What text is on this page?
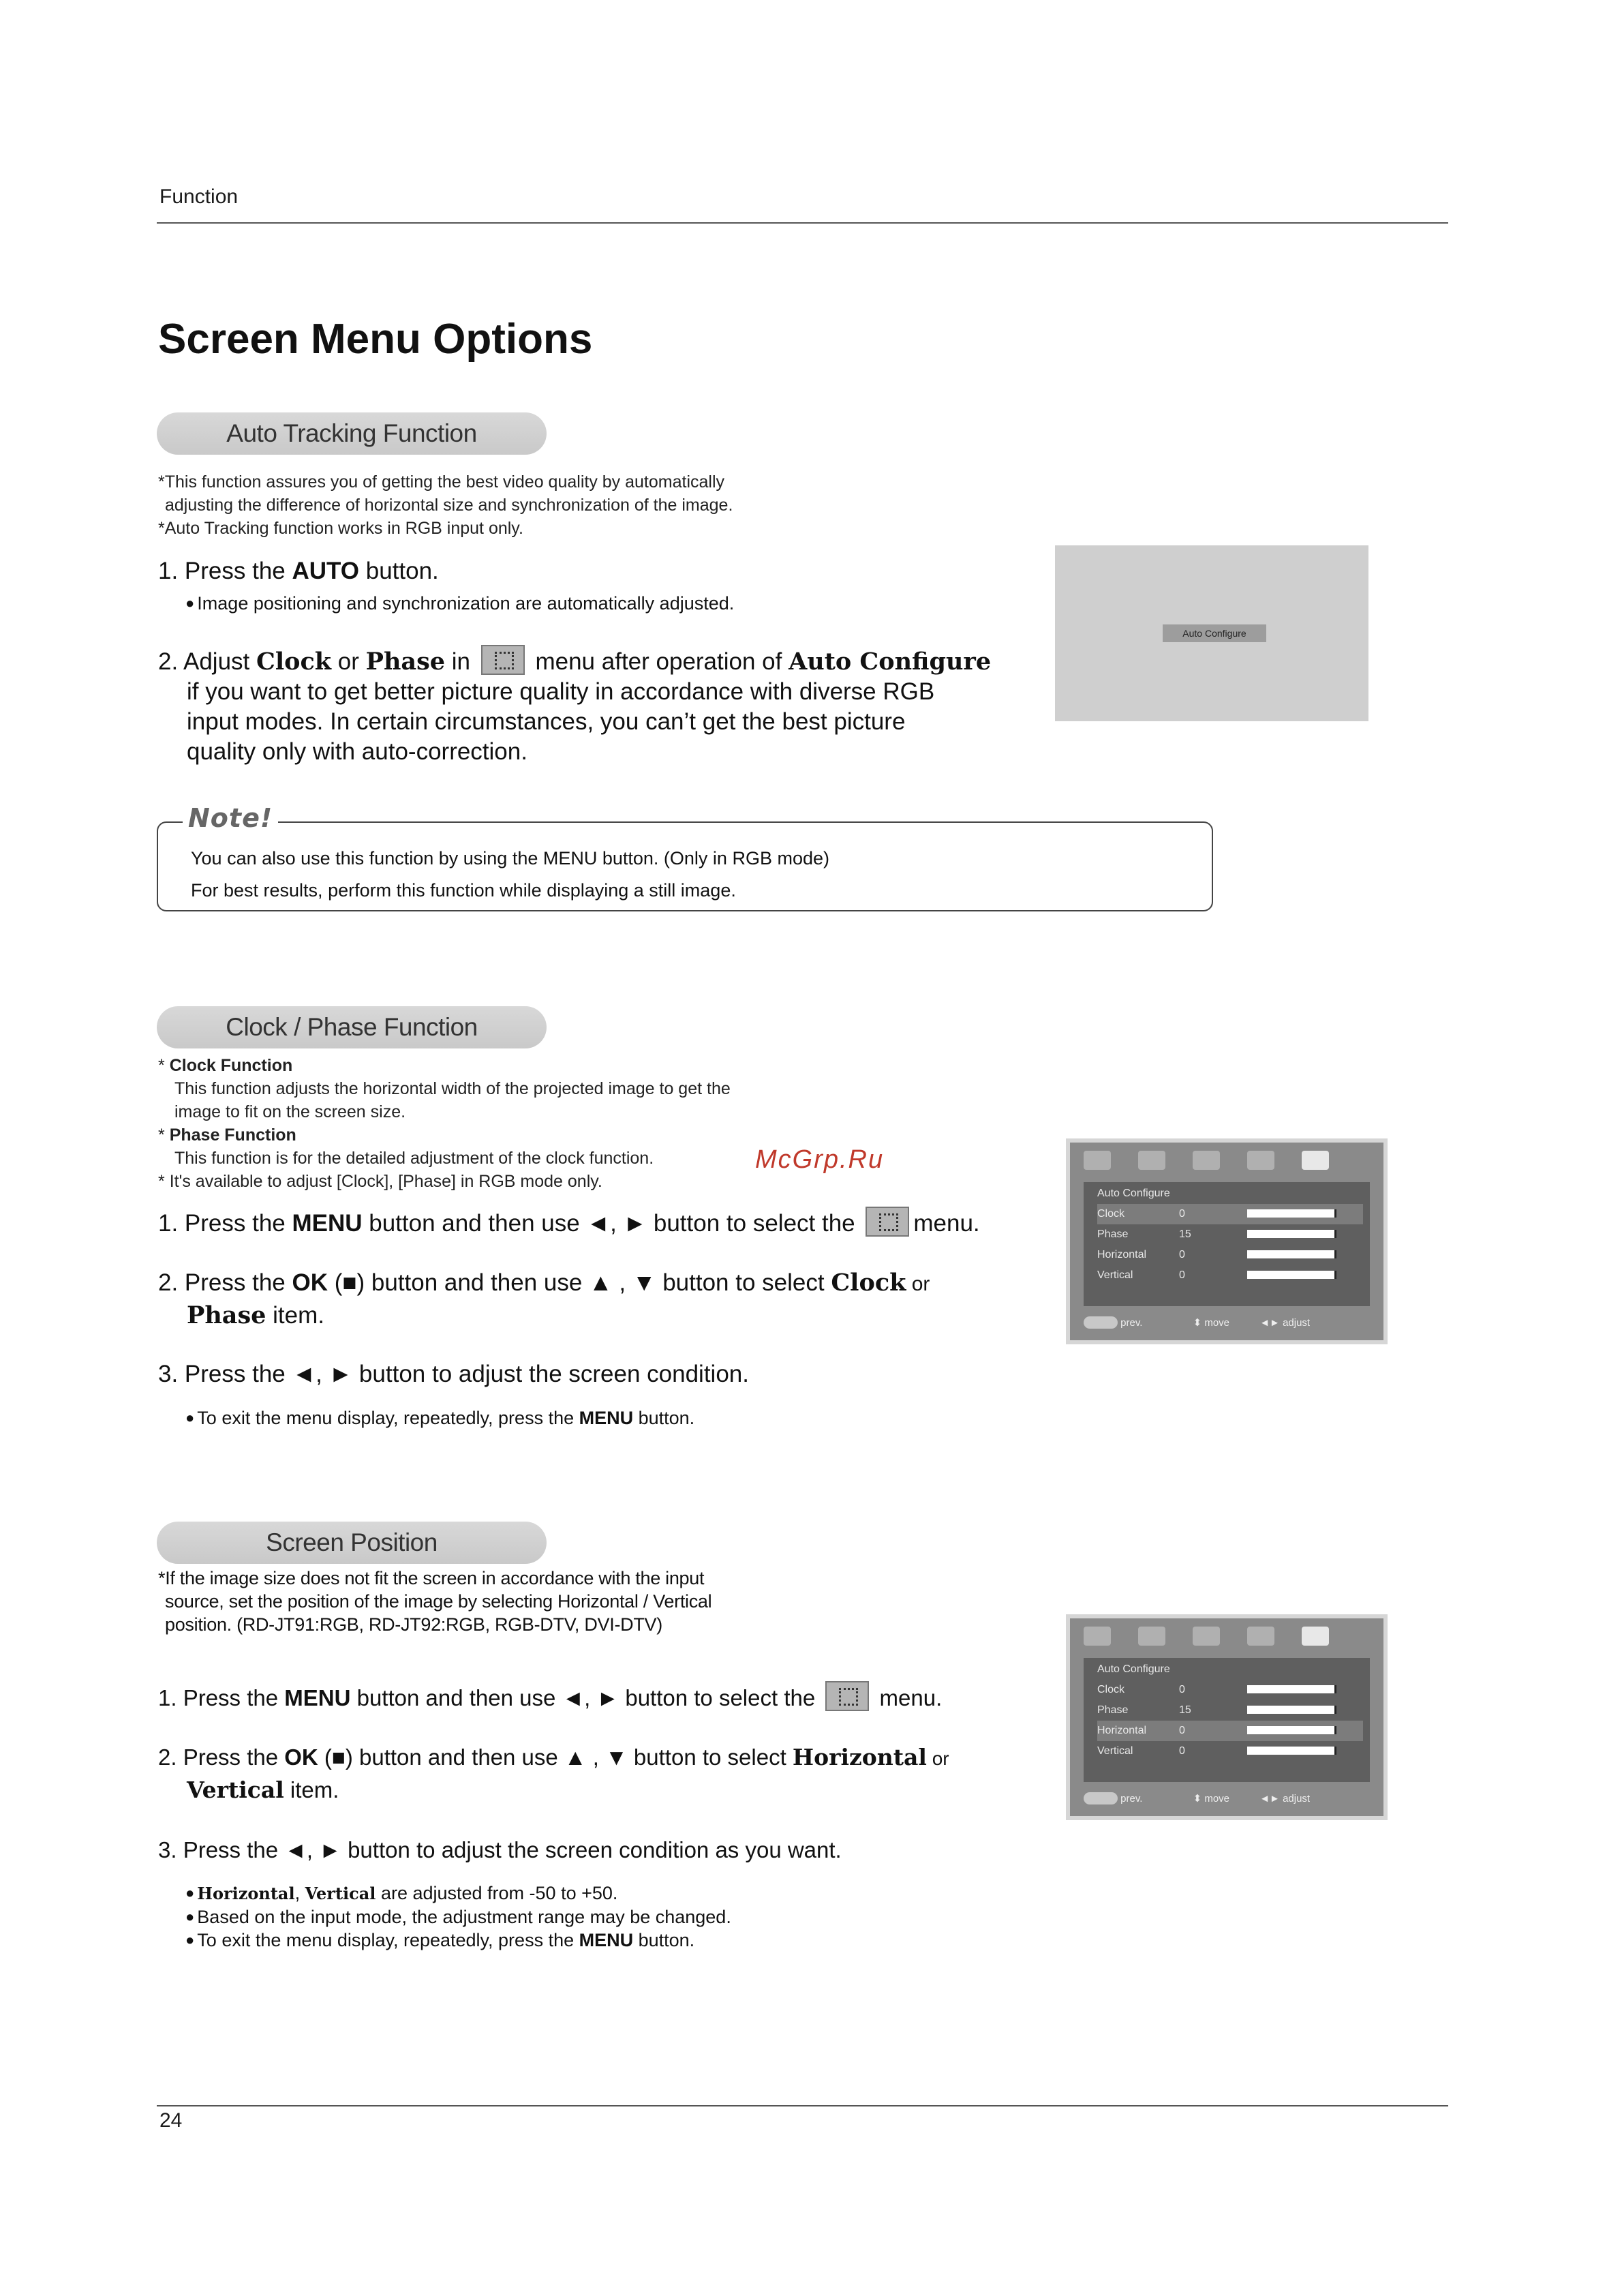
Function
Screen Menu Options
Auto Tracking Function
*This function assures you of getting the best video quality by automatically
adjusting the difference of horizontal size and synchronization of the image.
*Auto Tracking function works in RGB input only.
1. Press the AUTO button.
● Image positioning and synchronization are automatically adjusted.
2. Adjust Clock or Phase in  menu after operation of Auto Configure
if you want to get better picture quality in accordance with diverse RGB
input modes. In certain circumstances, you can’t get the best picture
quality only with auto-correction.
Auto Configure
Note!
You can also use this function by using the MENU button. (Only in RGB mode)
For best results, perform this function while displaying a still image.
Clock / Phase Function
* Clock Function
This function adjusts the horizontal width of the projected image to get the
image to fit on the screen size.
* Phase Function
This function is for the detailed adjustment of the clock function.
* It's available to adjust [Clock], [Phase] in RGB mode only.
McGrp.Ru
1. Press the MENU button and then use ◄, ► button to select the menu.
2. Press the OK (■) button and then use ▲ , ▼ button to select Clock or
Phase item.
3. Press the ◄, ► button to adjust the screen condition.
● To exit the menu display, repeatedly, press the MENU button.
Auto Configure
Clock	0
Phase	15
Horizontal	0
Vertical	0
prev.	⬍ move	◄► adjust
Screen Position
*If the image size does not fit the screen in accordance with the input
source, set the position of the image by selecting Horizontal / Vertical
position. (RD-JT91:RGB, RD-JT92:RGB, RGB-DTV, DVI-DTV)
1. Press the MENU button and then use ◄, ► button to select the  menu.
2. Press the OK (■) button and then use ▲ , ▼ button to select Horizontal or
Vertical item.
3. Press the ◄, ► button to adjust the screen condition as you want.
● Horizontal, Vertical are adjusted from -50 to +50.
● Based on the input mode, the adjustment range may be changed.
● To exit the menu display, repeatedly, press the MENU button.
Auto Configure
Clock	0
Phase	15
Horizontal	0
Vertical	0
prev.	⬍ move	◄► adjust
24
